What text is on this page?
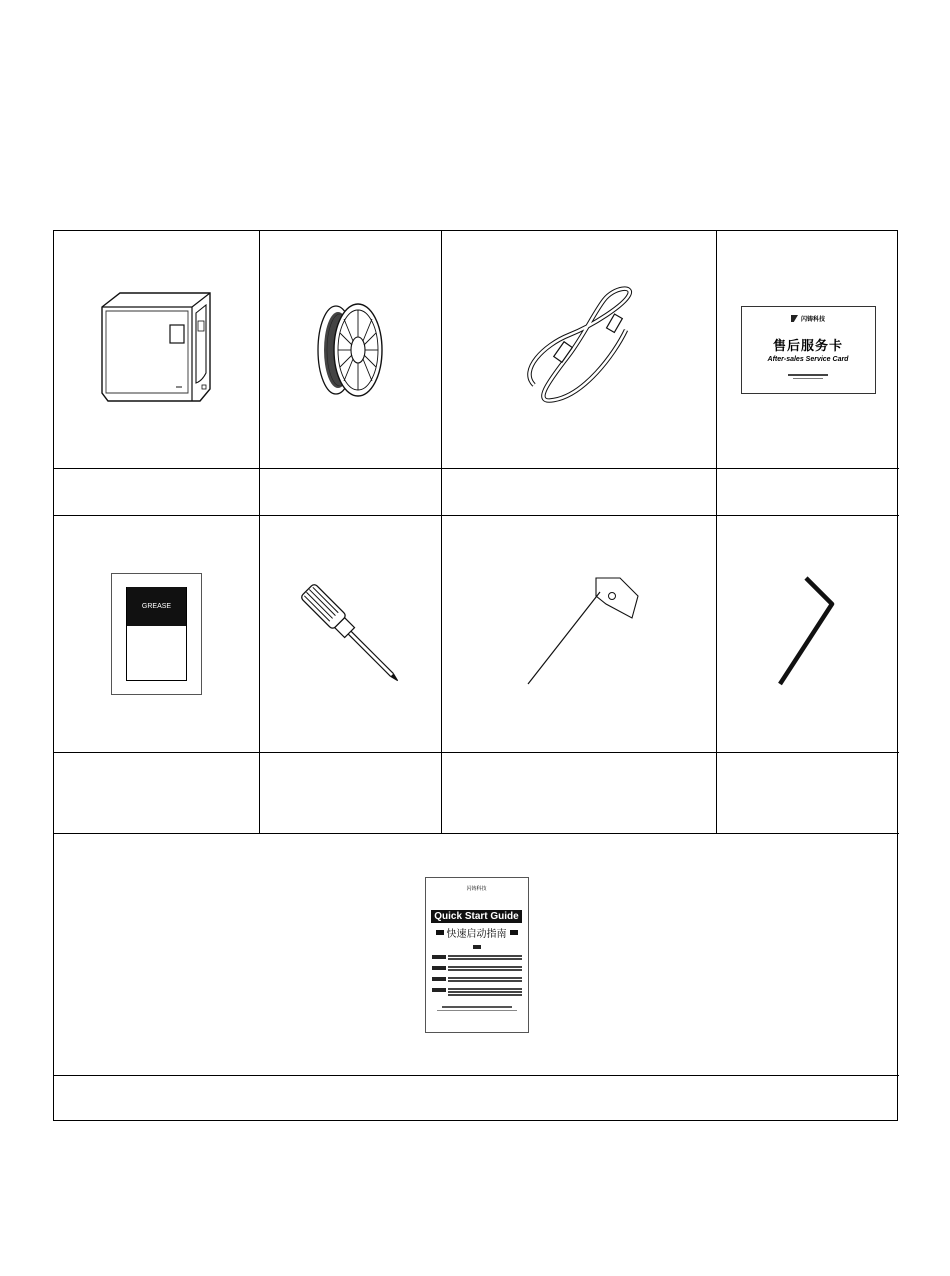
闪铸科技
售后服务卡
After-sales Service Card
GREASE
闪铸科技
Quick Start Guide
快速启动指南
